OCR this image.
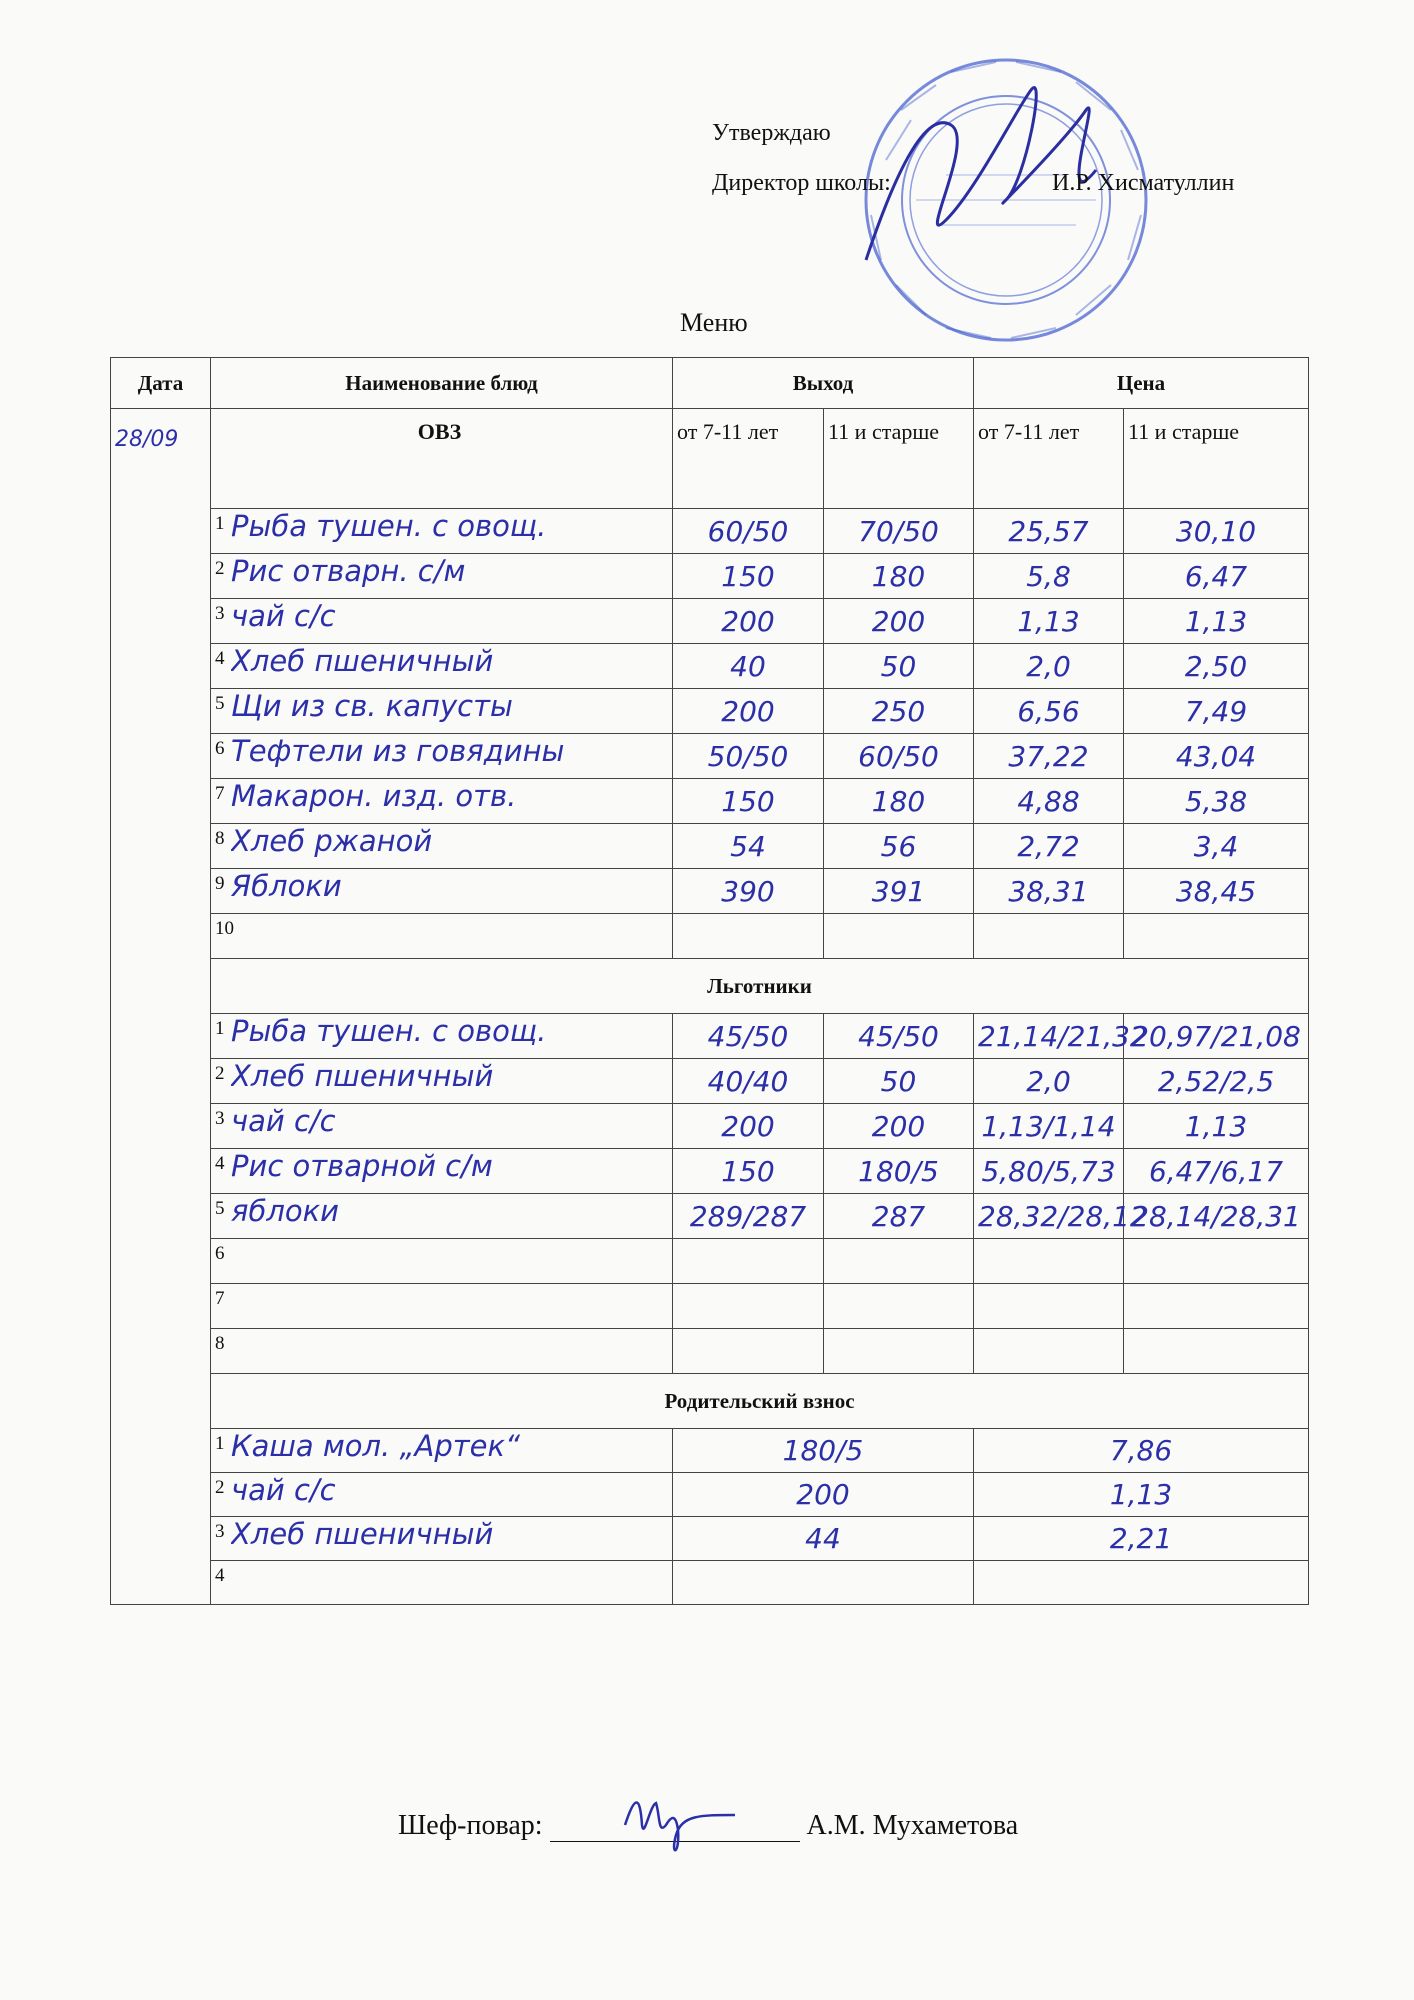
Утверждаю
Директор школы:	И.Р. Хисматуллин
Меню
Дата	Наименование блюд	Выход		Цена	
28/09	ОВЗ	от 7-11 лет	11 и старше	от 7-11 лет	11 и старше
	1 Рыба тушен. с овощ.	60/50	70/50	25,57	30,10
	2 Рис отварн. с/м	150	180	5,8	6,47
	3 чай с/с	200	200	1,13	1,13
	4 Хлеб пшеничный	40	50	2,0	2,50
	5 Щи из св. капусты	200	250	6,56	7,49
	6 Тефтели из говядины	50/50	60/50	37,22	43,04
	7 Макарон. изд. отв.	150	180	4,88	5,38
	8 Хлеб ржаной	54	56	2,72	3,4
	9 Яблоки	390	391	38,31	38,45
	10				
	Льготники				
	1 Рыба тушен. с овощ.	45/50	45/50	21,14/21,32	20,97/21,08
	2 Хлеб пшеничный	40/40	50	2,0	2,52/2,5
	3 чай с/с	200	200	1,13/1,14	1,13
	4 Рис отварной с/м	150	180/5	5,80/5,73	6,47/6,17
	5 яблоки	289/287	287	28,32/28,12	28,14/28,31
	6				
	7				
	8				
	Родительский взнос				
	1 Каша мол. „Артек“	180/5		7,86	
	2 чай с/с	200		1,13	
	3 Хлеб пшеничный	44		2,21	
	4				
Шеф-повар:	А.М. Мухаметова
